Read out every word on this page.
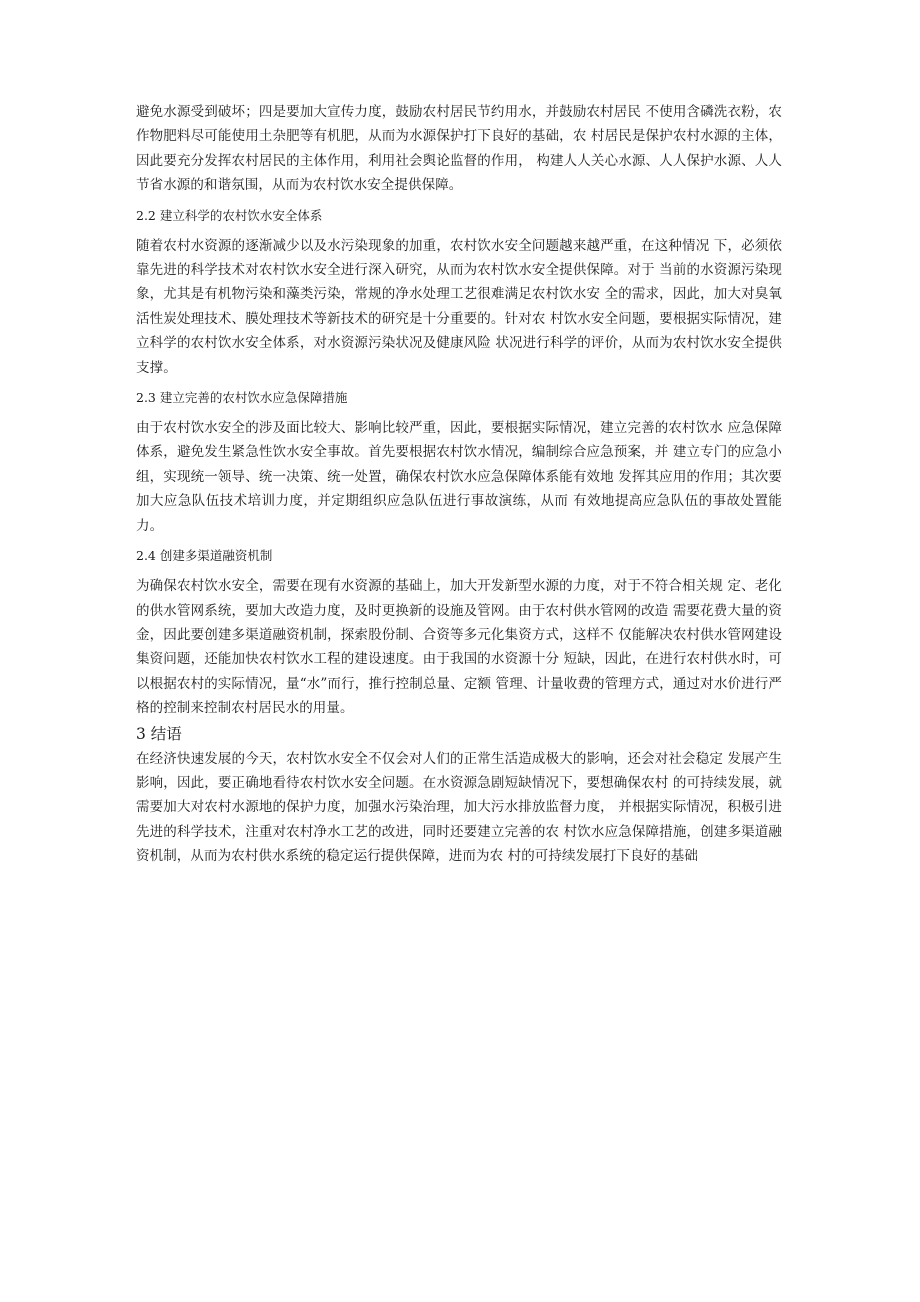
避免水源受到破坏；四是要加大宣传力度，鼓励农村居民节约用水，并鼓励农村居民 不使用含磷洗衣粉，农作物肥料尽可能使用土杂肥等有机肥，从而为水源保护打下良好的基础，农 村居民是保护农村水源的主体，因此要充分发挥农村居民的主体作用，利用社会舆论监督的作用， 构建人人关心水源、人人保护水源、人人节省水源的和谐氛围，从而为农村饮水安全提供保障。

2.2 建立科学的农村饮水安全体系

随着农村水资源的逐渐减少以及水污染现象的加重，农村饮水安全问题越来越严重，在这种情况 下，必须依靠先进的科学技术对农村饮水安全进行深入研究，从而为农村饮水安全提供保障。对于 当前的水资源污染现象，尤其是有机物污染和藻类污染，常规的净水处理工艺很难满足农村饮水安 全的需求，因此，加大对臭氧活性炭处理技术、膜处理技术等新技术的研究是十分重要的。针对农 村饮水安全问题，要根据实际情况，建立科学的农村饮水安全体系，对水资源污染状况及健康风险 状况进行科学的评价，从而为农村饮水安全提供支撑。

2.3 建立完善的农村饮水应急保障措施

由于农村饮水安全的涉及面比较大、影响比较严重，因此，要根据实际情况，建立完善的农村饮水 应急保障体系，避免发生紧急性饮水安全事故。首先要根据农村饮水情况，编制综合应急预案，并 建立专门的应急小组，实现统一领导、统一决策、统一处置，确保农村饮水应急保障体系能有效地 发挥其应用的作用；其次要加大应急队伍技术培训力度，并定期组织应急队伍进行事故演练，从而 有效地提高应急队伍的事故处置能力。

2.4 创建多渠道融资机制

为确保农村饮水安全，需要在现有水资源的基础上，加大开发新型水源的力度，对于不符合相关规 定、老化的供水管网系统，要加大改造力度，及时更换新的设施及管网。由于农村供水管网的改造 需要花费大量的资金，因此要创建多渠道融资机制，探索股份制、合资等多元化集资方式，这样不 仅能解决农村供水管网建设集资问题，还能加快农村饮水工程的建设速度。由于我国的水资源十分 短缺，因此，在进行农村供水时，可以根据农村的实际情况，量“水”而行，推行控制总量、定额 管理、计量收费的管理方式，通过对水价进行严格的控制来控制农村居民水的用量。

3 结语

在经济快速发展的今天，农村饮水安全不仅会对人们的正常生活造成极大的影响，还会对社会稳定 发展产生影响，因此，要正确地看待农村饮水安全问题。在水资源急剧短缺情况下，要想确保农村 的可持续发展，就需要加大对农村水源地的保护力度，加强水污染治理，加大污水排放监督力度， 并根据实际情况，积极引进先进的科学技术，注重对农村净水工艺的改进，同时还要建立完善的农 村饮水应急保障措施，创建多渠道融资机制，从而为农村供水系统的稳定运行提供保障，进而为农 村的可持续发展打下良好的基础
